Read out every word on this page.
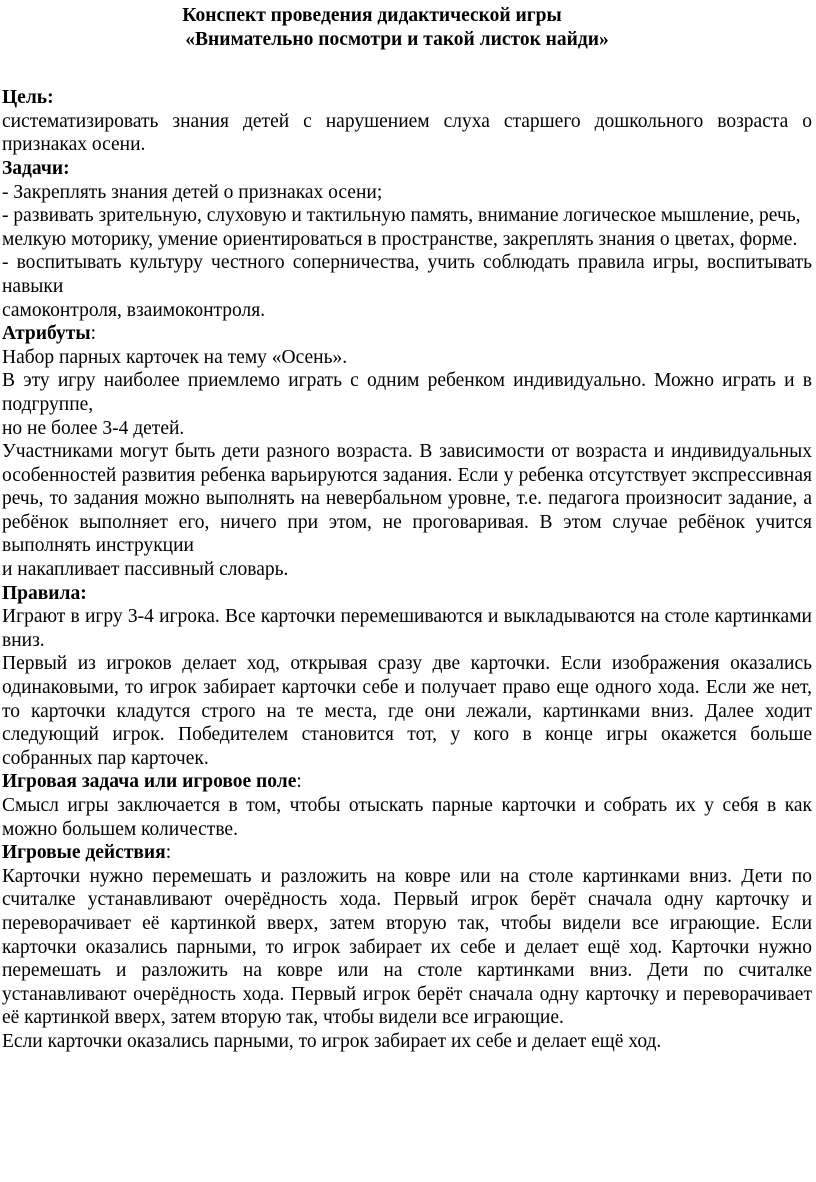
Конспект проведения дидактической игры

«Внимательно посмотри и такой листок найди»

Цель:

систематизировать знания детей с нарушением слуха старшего дошкольного возраста о признаках осени.

Задачи:

- Закреплять знания детей о признаках осени;

- развивать зрительную, слуховую и тактильную память, внимание логическое мышление, речь,

мелкую моторику, умение ориентироваться в пространстве, закреплять знания о цветах, форме.

- воспитывать культуру честного соперничества, учить соблюдать правила игры, воспитывать навыки

самоконтроля, взаимоконтроля.

Атрибуты:

Набор парных карточек на тему «Осень».

В эту игру наиболее приемлемо играть с одним ребенком индивидуально. Можно играть и в подгруппе,

но не более 3-4 детей.

Участниками могут быть дети разного возраста. В зависимости от возраста и индивидуальных особенностей развития ребенка варьируются задания. Если у ребенка отсутствует экспрессивная речь, то задания можно выполнять на невербальном уровне, т.е. педагога произносит задание, а ребёнок выполняет его, ничего при этом, не проговаривая. В этом случае ребёнок учится выполнять инструкции

и накапливает пассивный словарь.

Правила:

Играют в игру 3-4 игрока. Все карточки перемешиваются и выкладываются на столе картинками вниз.

Первый из игроков делает ход, открывая сразу две карточки. Если изображения оказались одинаковыми, то игрок забирает карточки себе и получает право еще одного хода. Если же нет, то карточки кладутся строго на те места, где они лежали, картинками вниз. Далее ходит следующий игрок. Победителем становится тот, у кого в конце игры окажется больше собранных пар карточек.

Игровая задача или игровое поле:

Смысл игры заключается в том, чтобы отыскать парные карточки и собрать их у себя в как можно большем количестве.

Игровые действия:

Карточки нужно перемешать и разложить на ковре или на столе картинками вниз. Дети по считалке устанавливают очерёдность хода. Первый игрок берёт сначала одну карточку и переворачивает её картинкой вверх, затем вторую так, чтобы видели все играющие. Если карточки оказались парными, то игрок забирает их себе и делает ещё ход. Карточки нужно перемешать и разложить на ковре или на столе картинками вниз. Дети по считалке устанавливают очерёдность хода. Первый игрок берёт сначала одну карточку и переворачивает её картинкой вверх, затем вторую так, чтобы видели все играющие.

Если карточки оказались парными, то игрок забирает их себе и делает ещё ход.
